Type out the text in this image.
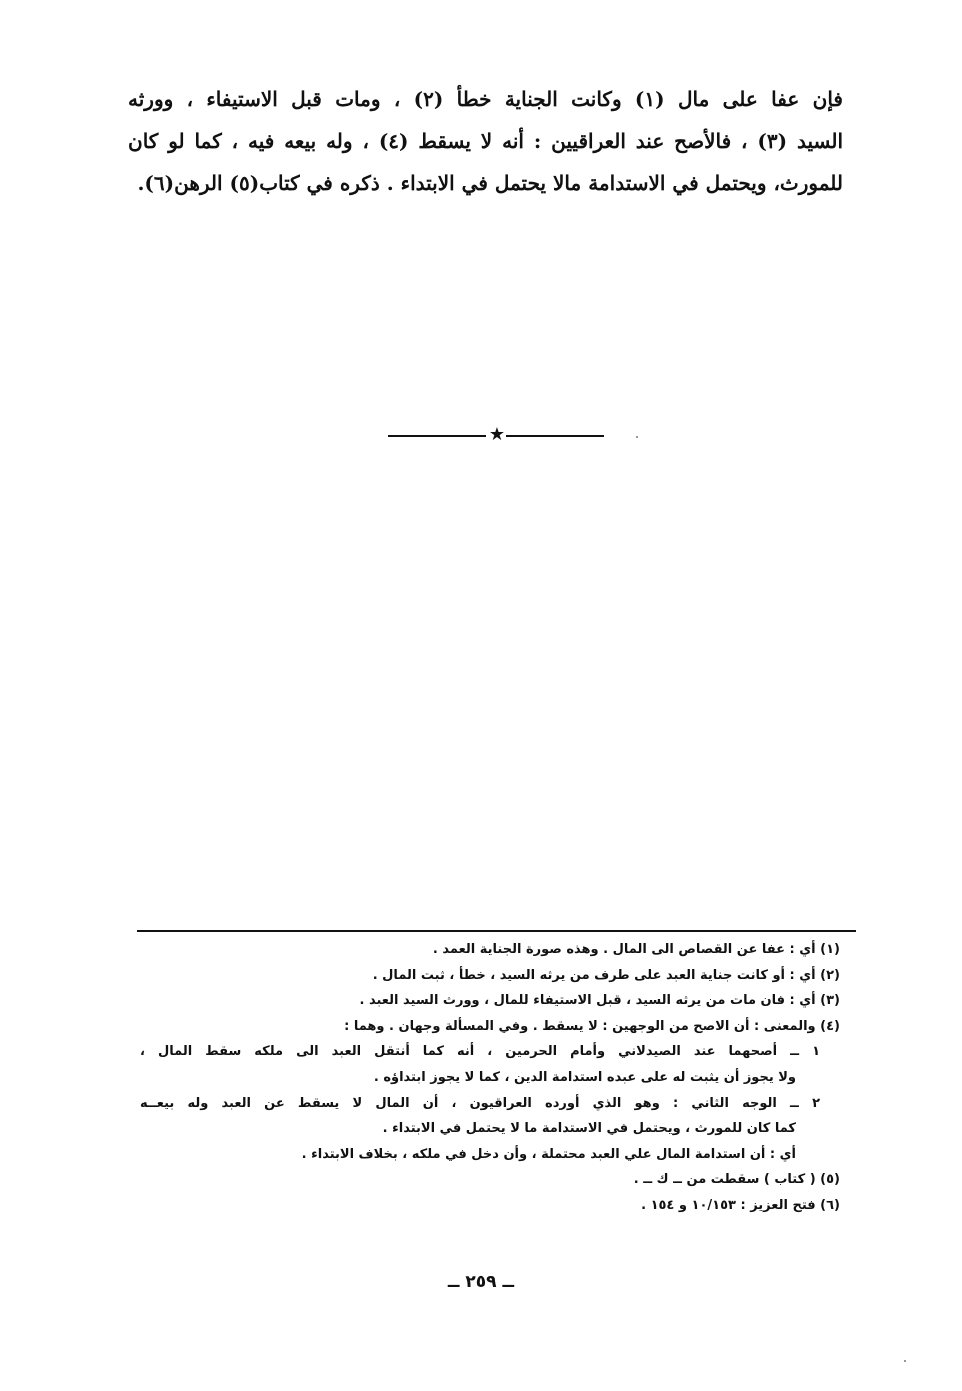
فإن عفا على مال (١) وكانت الجناية خطأ (٢) ، ومات قبل الاستيفاء ، وورثه
السيد (٣) ، فالأصح عند العراقيين : أنه لا يسقط (٤) ، وله بيعه فيه ، كما لو كان
للمورث، ويحتمل في الاستدامة مالا يحتمل في الابتداء . ذكره في كتاب(٥) الرهن(٦).
★
(١) أي : عفا عن القصاص الى المال . وهذه صورة الجناية العمد .
(٢) أي : أو كانت جناية العبد على طرف من يرثه السيد ، خطأ ، ثبت المال .
(٣) أي : فان مات من يرثه السيد ، قبل الاستيفاء للمال ، وورث السيد العبد .
(٤) والمعنى : أن الاصح من الوجهين : لا يسقط . وفي المسألة وجهان . وهما :
١ ــ أصحهما عند الصيدلاني وأمام الحرمين ، أنه كما أنتقل العبد الى ملكه سقط المال ،
ولا يجوز أن يثبت له على عبده استدامة الدين ، كما لا يجوز ابتداؤه .
٢ ــ الوجه الثاني : وهو الذي أورده العراقيون ، أن المال لا يسقط عن العبد وله بيعــه
كما كان للمورث ، ويحتمل في الاستدامة ما لا يحتمل في الابتداء .
أي : أن استدامة المال علي العبد محتملة ، وأن دخل في ملكه ، بخلاف الابتداء .
(٥) ( كتاب ) سقطت من ــ ك ــ .
(٦) فتح العزيز : ١٠/١٥٣ و ١٥٤ .
ــ ٢٥٩ ــ
